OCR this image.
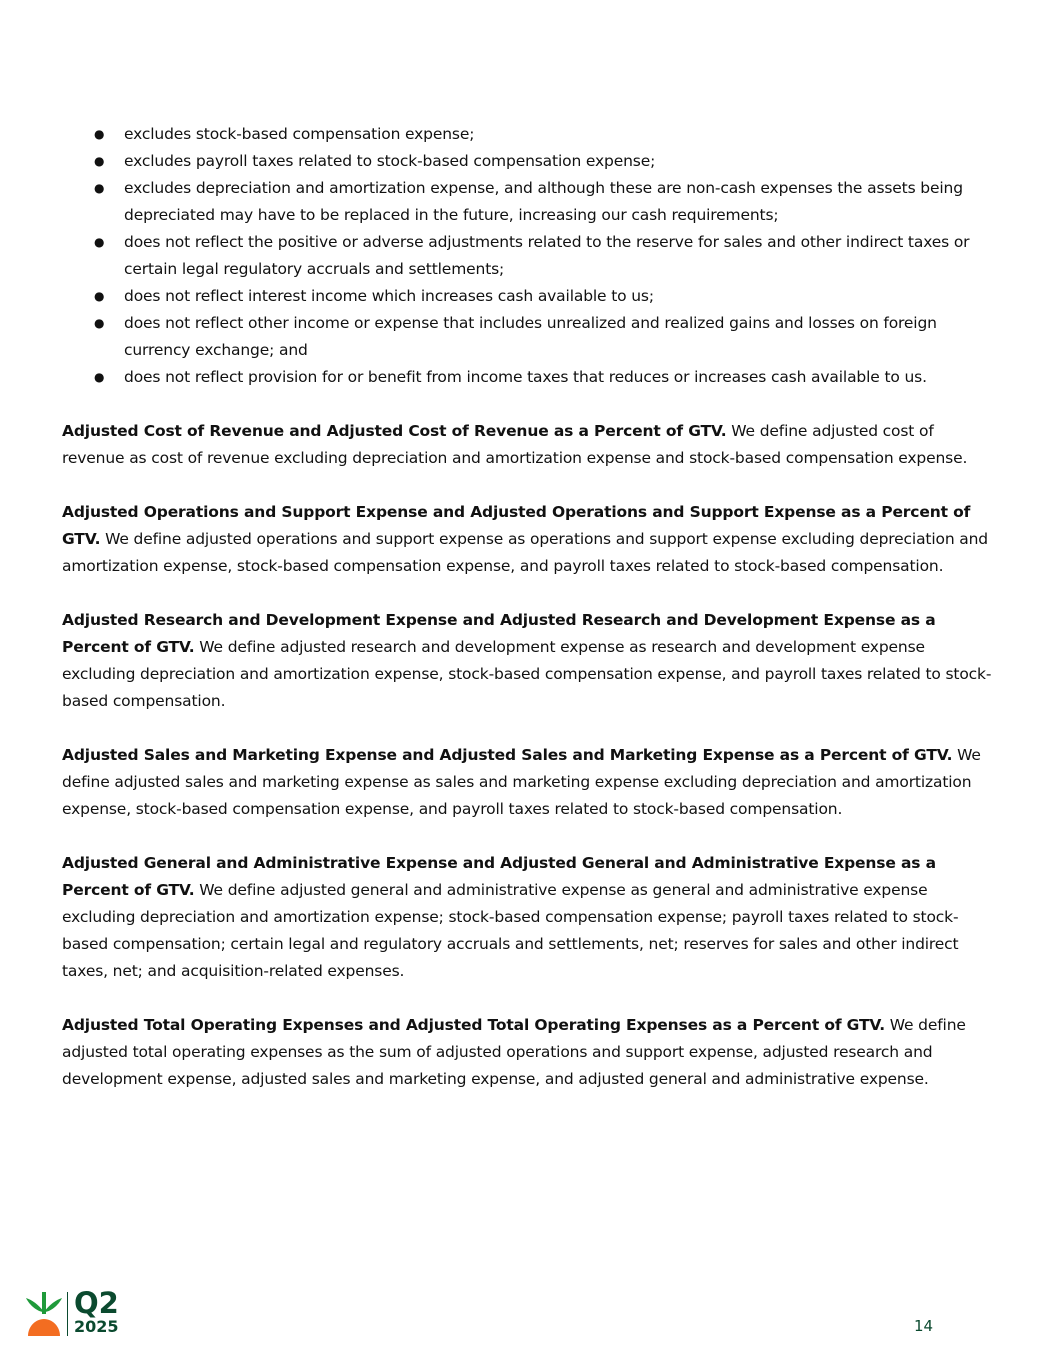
● excludes stock-based compensation expense;
● excludes payroll taxes related to stock-based compensation expense;
● excludes depreciation and amortization expense, and although these are non-cash expenses the assets being depreciated may have to be replaced in the future, increasing our cash requirements;
● does not reflect the positive or adverse adjustments related to the reserve for sales and other indirect taxes or certain legal regulatory accruals and settlements;
● does not reflect interest income which increases cash available to us;
● does not reflect other income or expense that includes unrealized and realized gains and losses on foreign currency exchange; and
● does not reflect provision for or benefit from income taxes that reduces or increases cash available to us.

Adjusted Cost of Revenue and Adjusted Cost of Revenue as a Percent of GTV. We define adjusted cost of revenue as cost of revenue excluding depreciation and amortization expense and stock-based compensation expense.

Adjusted Operations and Support Expense and Adjusted Operations and Support Expense as a Percent of GTV. We define adjusted operations and support expense as operations and support expense excluding depreciation and amortization expense, stock-based compensation expense, and payroll taxes related to stock-based compensation.

Adjusted Research and Development Expense and Adjusted Research and Development Expense as a Percent of GTV. We define adjusted research and development expense as research and development expense excluding depreciation and amortization expense, stock-based compensation expense, and payroll taxes related to stock-based compensation.

Adjusted Sales and Marketing Expense and Adjusted Sales and Marketing Expense as a Percent of GTV. We define adjusted sales and marketing expense as sales and marketing expense excluding depreciation and amortization expense, stock-based compensation expense, and payroll taxes related to stock-based compensation.

Adjusted General and Administrative Expense and Adjusted General and Administrative Expense as a Percent of GTV. We define adjusted general and administrative expense as general and administrative expense excluding depreciation and amortization expense; stock-based compensation expense; payroll taxes related to stock-based compensation; certain legal and regulatory accruals and settlements, net; reserves for sales and other indirect taxes, net; and acquisition-related expenses.

Adjusted Total Operating Expenses and Adjusted Total Operating Expenses as a Percent of GTV. We define adjusted total operating expenses as the sum of adjusted operations and support expense, adjusted research and development expense, adjusted sales and marketing expense, and adjusted general and administrative expense.

Q2
2025	14
